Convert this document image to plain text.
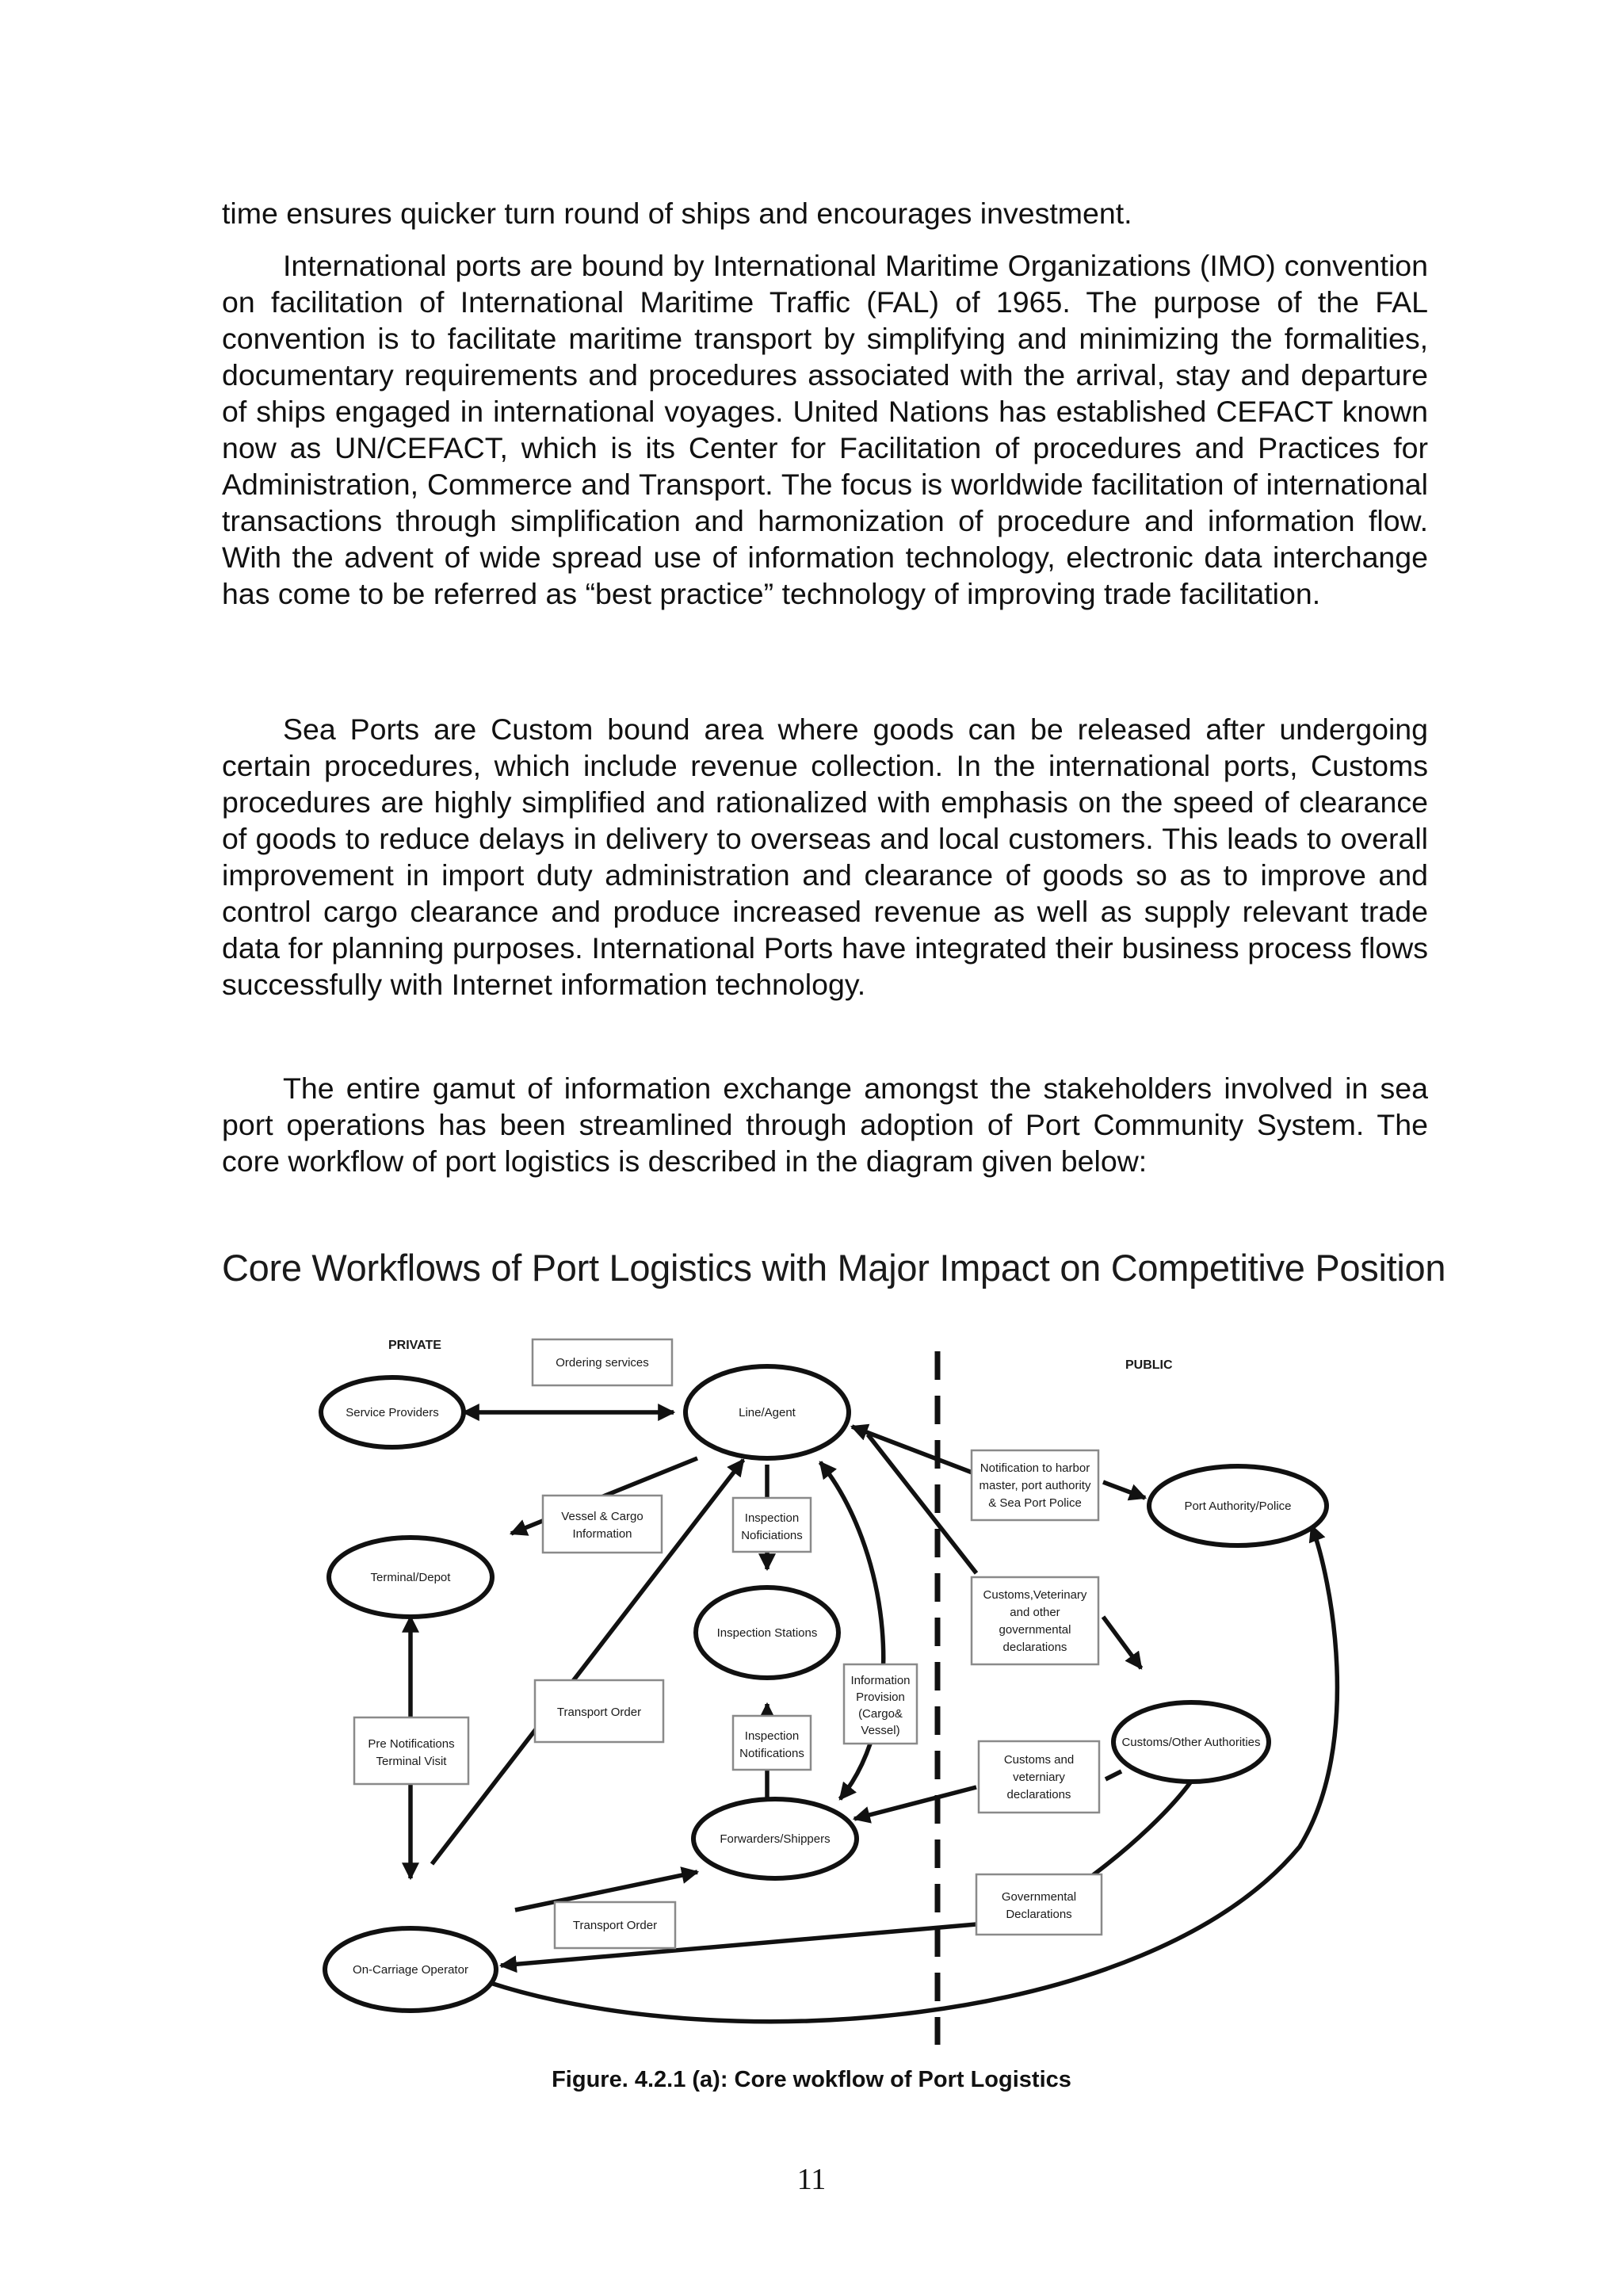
time ensures quicker turn round of ships and encourages investment.

International ports are bound by International Maritime Organizations (IMO) convention on facilitation of International Maritime Traffic (FAL) of 1965. The purpose of the FAL convention is to facilitate maritime transport by simplifying and minimizing the formalities, documentary requirements and procedures associated with the arrival, stay and departure of ships engaged in international voyages. United Nations has established CEFACT known now as UN/CEFACT, which is its Center for Facilitation of procedures and Practices for Administration, Commerce and Transport. The focus is worldwide facilitation of international transactions through simplification and harmonization of procedure and information flow. With the advent of wide spread use of information technology, electronic data interchange has come to be referred as “best practice” technology of improving trade facilitation.

Sea Ports are Custom bound area where goods can be released after undergoing certain procedures, which include revenue collection. In the international ports, Customs procedures are highly simplified and rationalized with emphasis on the speed of clearance of goods to reduce delays in delivery to overseas and local customers. This leads to overall improvement in import duty administration and clearance of goods so as to improve and control cargo clearance and produce increased revenue as well as supply relevant trade data for planning purposes. International Ports have integrated their business process flows successfully with Internet information technology.

The entire gamut of information exchange amongst the stakeholders involved in sea port operations has been streamlined through adoption of Port Community System. The core workflow of port logistics is described in the diagram given below:

Core Workflows of Port Logistics with Major Impact on Competitive Position

PRIVATE
PUBLIC
Service Providers	Line/Agent
Terminal/Depot
Inspection Stations
Forwarders/Shippers
On-Carriage Operator
Port Authority/Police
Customs/Other Authorities
Ordering services
Vessel & Cargo
Information
Inspection
Noficiations
Transport Order
Information
Provision
(Cargo&
Vessel)
Inspection
Notifications
Pre Notifications
Terminal Visit
Transport Order
Notification to harbor
master, port authority
& Sea Port Police
Customs,Veterinary
and other
governmental
declarations
Customs and
veterniary
declarations
Governmental
Declarations

Figure. 4.2.1 (a): Core wokflow of Port Logistics

11
